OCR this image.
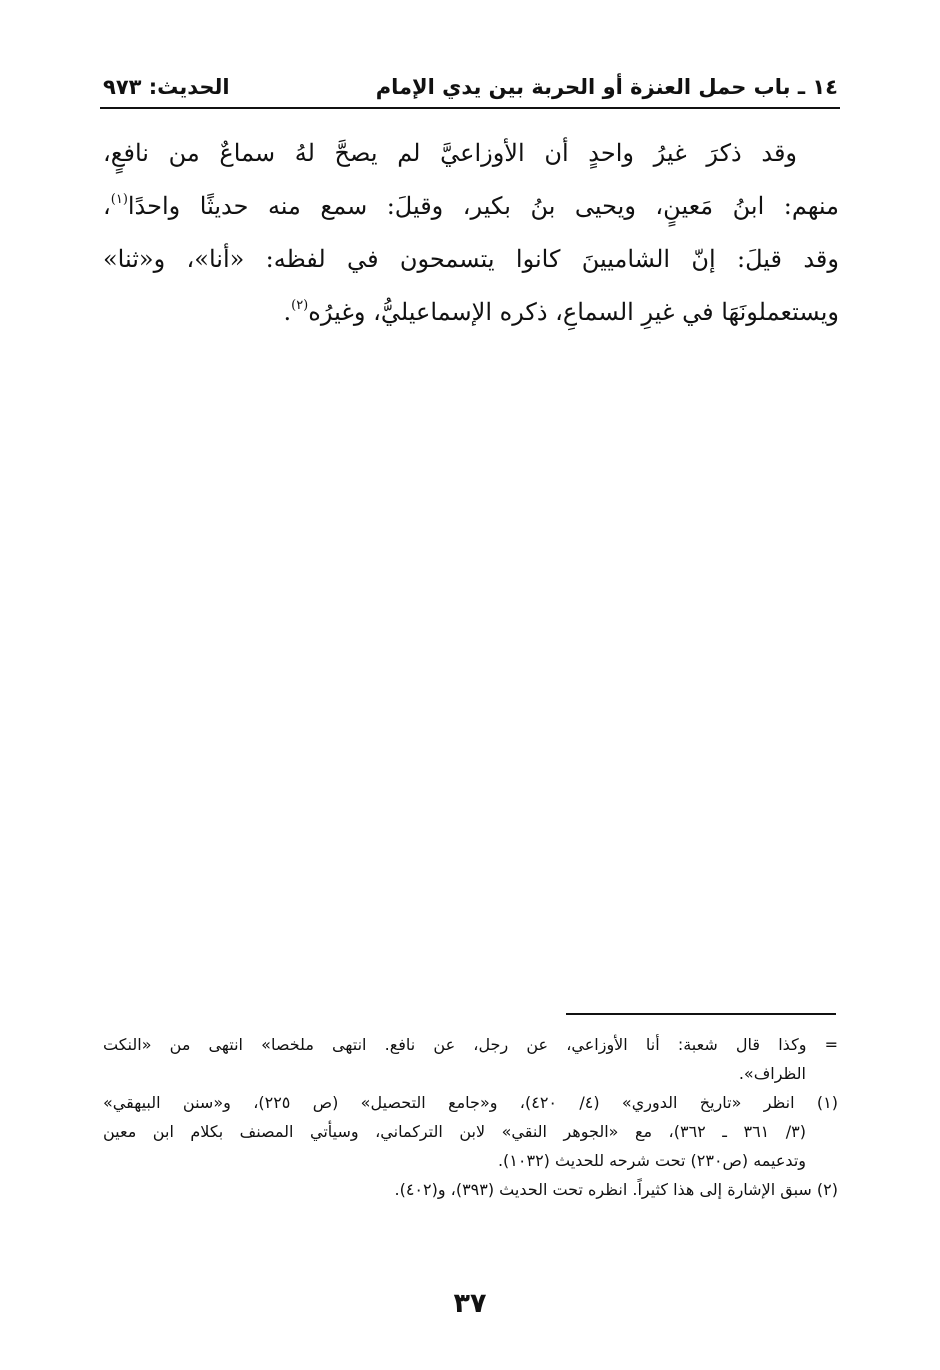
١٤ ـ باب حمل العنزة أو الحربة بين يدي الإمام
الحديث: ٩٧٣
وقد ذكرَ غيرُ واحدٍ أن الأوزاعيَّ لم يصحَّ لهُ سماعٌ من نافعٍ،
منهم: ابنُ مَعينٍ، ويحيى بنُ بكير، وقيلَ: سمع منه حديثًا واحدًا$^{(١)}$،
وقد قيلَ: إنّ الشاميينَ كانوا يتسمحون في لفظه: «أنا»، و«ثنا»
ويستعملونَهَا في غيرِ السماعِ، ذكره الإسماعيليُّ، وغيرُه$^{(٢)}$.
= وكذا قال شعبة: أنا الأوزاعي، عن رجل، عن نافع. انتهى ملخصا» انتهى من «النكت
الظراف».
(١) انظر «تاريخ الدوري» (٤/ ٤٢٠)، و«جامع التحصيل» (ص ٢٢٥)، و«سنن البيهقي»
(٣/ ٣٦١ ـ ٣٦٢)، مع «الجوهر النقي» لابن التركماني، وسيأتي المصنف بكلام ابن معين
وتدعيمه (ص٢٣٠) تحت شرحه للحديث (١٠٣٢).
(٢) سبق الإشارة إلى هذا كثيراً. انظره تحت الحديث (٣٩٣)، و(٤٠٢).
٣٧
